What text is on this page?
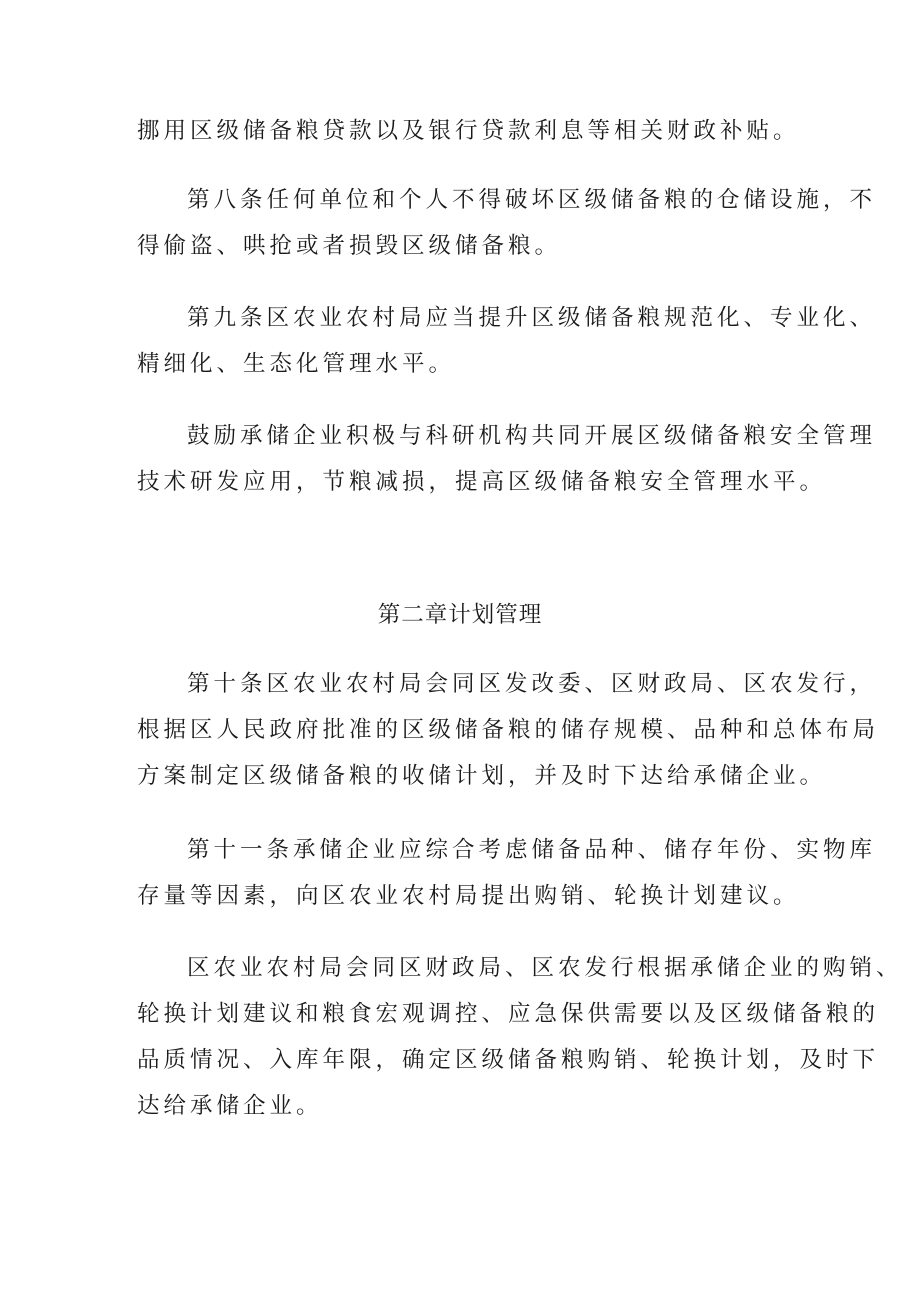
挪用区级储备粮贷款以及银行贷款利息等相关财政补贴。
第八条任何单位和个人不得破坏区级储备粮的仓储设施，不
得偷盗、哄抢或者损毁区级储备粮。
第九条区农业农村局应当提升区级储备粮规范化、专业化、
精细化、生态化管理水平。
鼓励承储企业积极与科研机构共同开展区级储备粮安全管理
技术研发应用，节粮减损，提高区级储备粮安全管理水平。
第二章计划管理
第十条区农业农村局会同区发改委、区财政局、区农发行，
根据区人民政府批准的区级储备粮的储存规模、品种和总体布局
方案制定区级储备粮的收储计划，并及时下达给承储企业。
第十一条承储企业应综合考虑储备品种、储存年份、实物库
存量等因素，向区农业农村局提出购销、轮换计划建议。
区农业农村局会同区财政局、区农发行根据承储企业的购销、
轮换计划建议和粮食宏观调控、应急保供需要以及区级储备粮的
品质情况、入库年限，确定区级储备粮购销、轮换计划，及时下
达给承储企业。
